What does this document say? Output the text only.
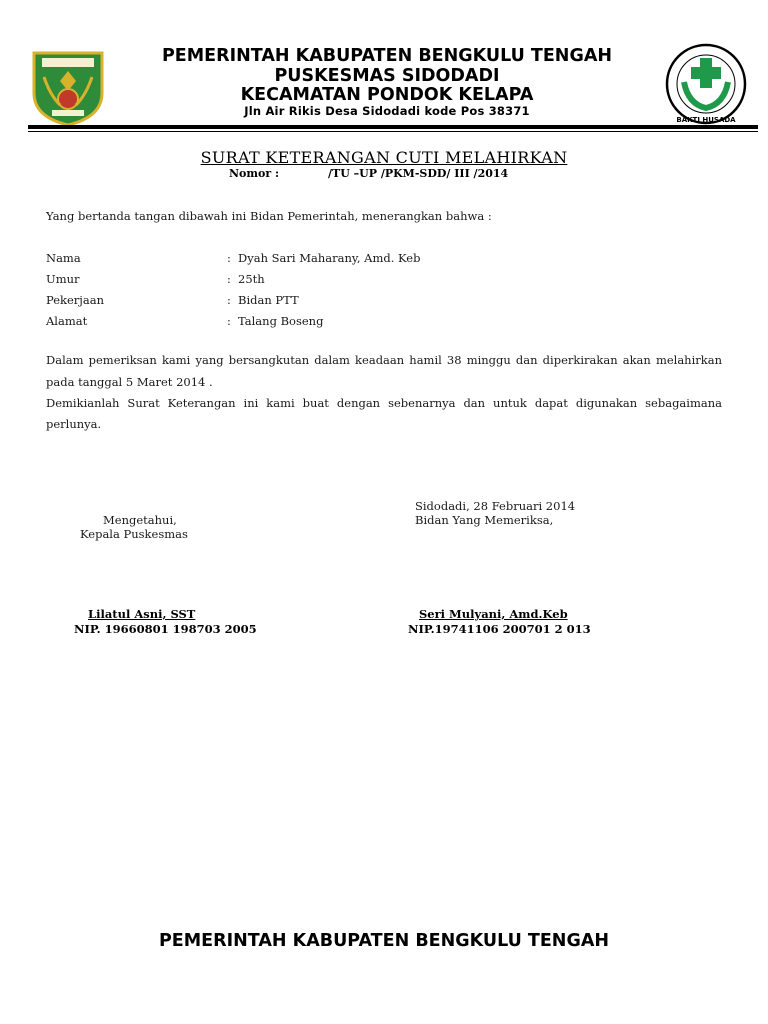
BAKTI HUSADA
PEMERINTAH KABUPATEN BENGKULU TENGAH
PUSKESMAS SIDODADI
KECAMATAN PONDOK KELAPA
Jln Air Rikis Desa Sidodadi kode Pos 38371
SURAT KETERANGAN CUTI MELAHIRKAN
Nomor :	/TU –UP /PKM-SDD/ III /2014
Yang bertanda tangan dibawah ini Bidan Pemerintah, menerangkan bahwa :
Nama	: Dyah Sari Maharany, Amd. Keb
Umur	: 25th
Pekerjaan	: Bidan PTT
Alamat	: Talang Boseng
Dalam pemeriksan kami yang bersangkutan dalam keadaan hamil 38 minggu dan diperkirakan akan melahirkan
pada tanggal 5 Maret 2014 .
Demikianlah Surat Keterangan ini kami buat dengan sebenarnya dan untuk dapat digunakan sebagaimana
perlunya.
Sidodadi, 28 Februari 2014
Mengetahui,	Bidan Yang Memeriksa,
Kepala Puskesmas
Lilatul Asni, SST
NIP. 19660801 198703 2005
Seri Mulyani, Amd.Keb
NIP.19741106 200701 2 013
PEMERINTAH KABUPATEN BENGKULU TENGAH
